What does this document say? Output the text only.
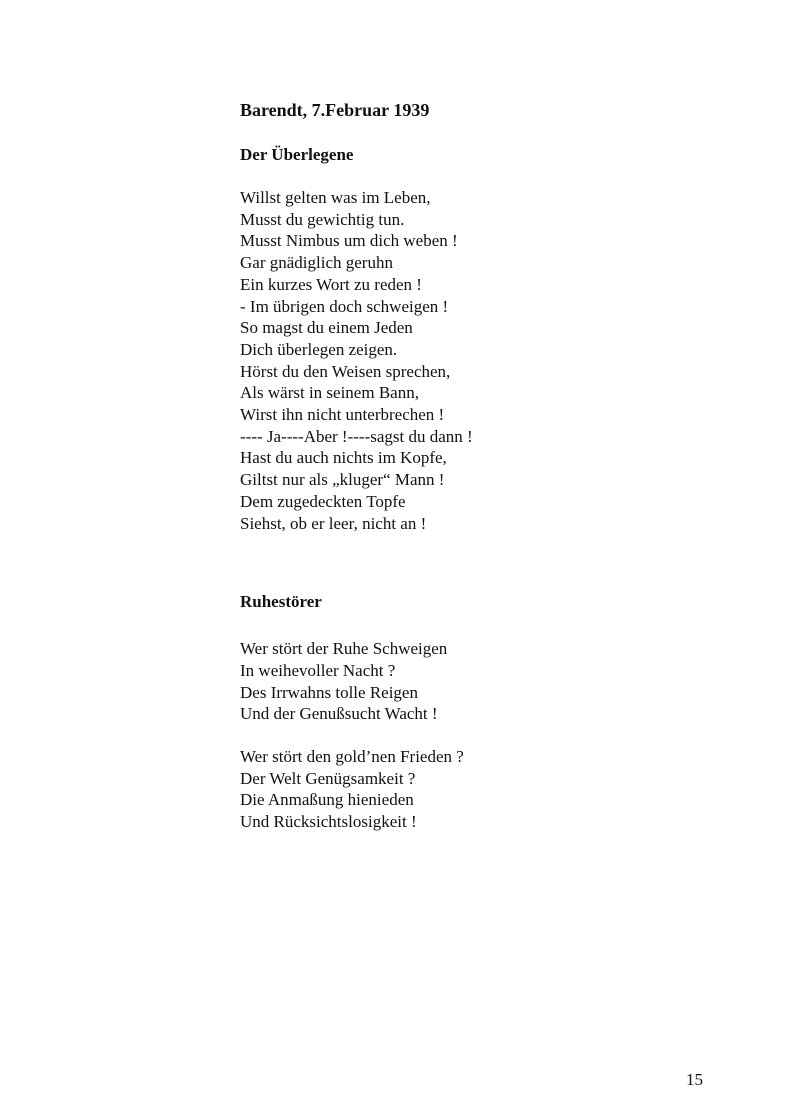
Barendt, 7.Februar 1939

Der Überlegene

Willst gelten was im Leben,
Musst du gewichtig tun.
Musst Nimbus um dich weben !
Gar gnädiglich geruhn
Ein kurzes Wort zu reden !
- Im übrigen doch schweigen !
So magst du einem Jeden
Dich überlegen zeigen.
Hörst du den Weisen sprechen,
Als wärst in seinem Bann,
Wirst ihn nicht unterbrechen !
---- Ja----Aber !----sagst du dann !
Hast du auch nichts im Kopfe,
Giltst nur als „kluger“ Mann !
Dem zugedeckten Topfe
Siehst, ob er leer, nicht an !

Ruhestörer

Wer stört der Ruhe Schweigen
In weihevoller Nacht ?
Des Irrwahns tolle Reigen
Und der Genußsucht Wacht !
Wer stört den gold’nen Frieden ?
Der Welt Genügsamkeit ?
Die Anmaßung hienieden
Und Rücksichtslosigkeit !
15
